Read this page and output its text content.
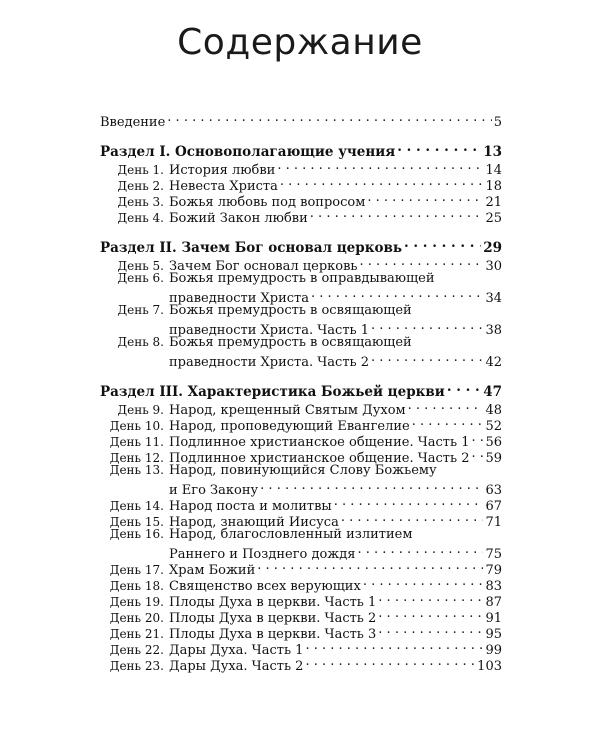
Содержание
Введение . . .	5
Раздел I. Основополагающие учения . . .	13
День 1. История любви . . .	14
День 2. Невеста Христа . . .	18
День 3. Божья любовь под вопросом . . .	21
День 4. Божий Закон любви . . .	25
Раздел II. Зачем Бог основал церковь . . .	29
День 5. Зачем Бог основал церковь . . .	30
День 6. Божья премудрость в оправдывающей
праведности Христа . . .	34
День 7. Божья премудрость в освящающей
праведности Христа. Часть 1 . . .	38
День 8. Божья премудрость в освящающей
праведности Христа. Часть 2 . . .	42
Раздел III. Характеристика Божьей церкви . . .	47
День 9. Народ, крещенный Святым Духом . . .	48
День 10. Народ, проповедующий Евангелие . . .	52
День 11. Подлинное христианское общение. Часть 1 . . . 56
День 12. Подлинное христианское общение. Часть 2 . . . 59
День 13. Народ, повинующийся Слову Божьему
и Его Закону . . .	63
День 14. Народ поста и молитвы . . .	67
День 15. Народ, знающий Иисуса . . .	71
День 16. Народ, благословленный излитием
Раннего и Позднего дождя . . .	75
День 17. Храм Божий . . .	79
День 18. Священство всех верующих . . .	83
День 19. Плоды Духа в церкви. Часть 1 . . .	87
День 20. Плоды Духа в церкви. Часть 2 . . .	91
День 21. Плоды Духа в церкви. Часть 3 . . .	95
День 22. Дары Духа. Часть 1 . . .	99
День 23. Дары Духа. Часть 2 . . .	103
